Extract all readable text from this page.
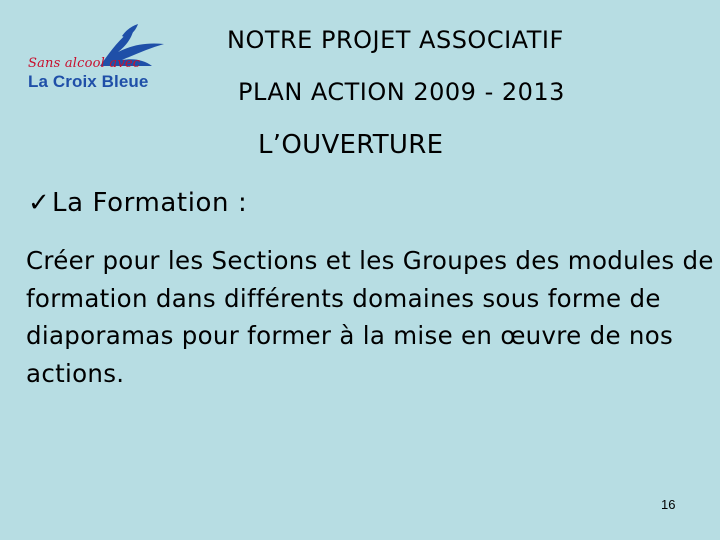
Sans alcool avec
La Croix Bleue
NOTRE PROJET ASSOCIATIF
PLAN ACTION 2009 - 2013
L’OUVERTURE
✓La Formation :
Créer pour les Sections et les Groupes des modules de formation dans différents domaines sous forme de diaporamas pour former à la mise en œuvre de nos actions.
16
